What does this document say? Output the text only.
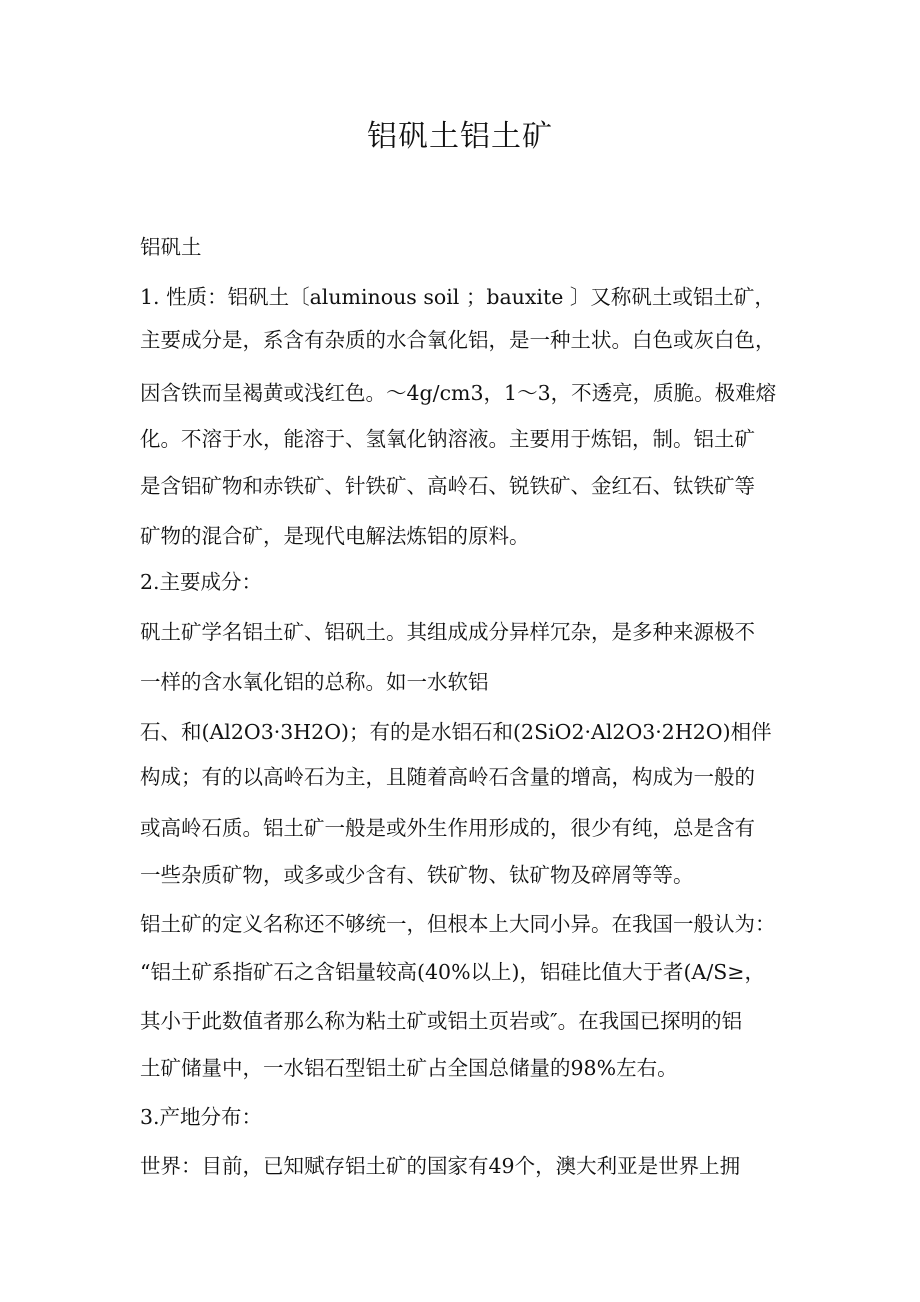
铝矾土铝土矿
铝矾土
1. 性质：铝矾土〔aluminous soil ；bauxite 〕又称矾土或铝土矿，
主要成分是，系含有杂质的水合氧化铝，是一种土状。白色或灰白色，
因含铁而呈褐黄或浅红色。～4g/cm3，1～3，不透亮，质脆。极难熔
化。不溶于水，能溶于、氢氧化钠溶液。主要用于炼铝，制。铝土矿
是含铝矿物和赤铁矿、针铁矿、高岭石、锐铁矿、金红石、钛铁矿等
矿物的混合矿，是现代电解法炼铝的原料。
2.主要成分：
矾土矿学名铝土矿、铝矾土。其组成成分异样冗杂，是多种来源极不
一样的含水氧化铝的总称。如一水软铝
石、和(Al2O3·3H2O)；有的是水铝石和(2SiO2·Al2O3·2H2O)相伴
构成；有的以高岭石为主，且随着高岭石含量的增高，构成为一般的
或高岭石质。铝土矿一般是或外生作用形成的，很少有纯，总是含有
一些杂质矿物，或多或少含有、铁矿物、钛矿物及碎屑等等。
铝土矿的定义名称还不够统一，但根本上大同小异。在我国一般认为：
“铝土矿系指矿石之含铝量较高(40%以上)，铝硅比值大于者(A/S≥，
其小于此数值者那么称为粘土矿或铝土页岩或″。在我国已探明的铝
土矿储量中，一水铝石型铝土矿占全国总储量的98%左右。
3.产地分布：
世界：目前，已知赋存铝土矿的国家有49个，澳大利亚是世界上拥
